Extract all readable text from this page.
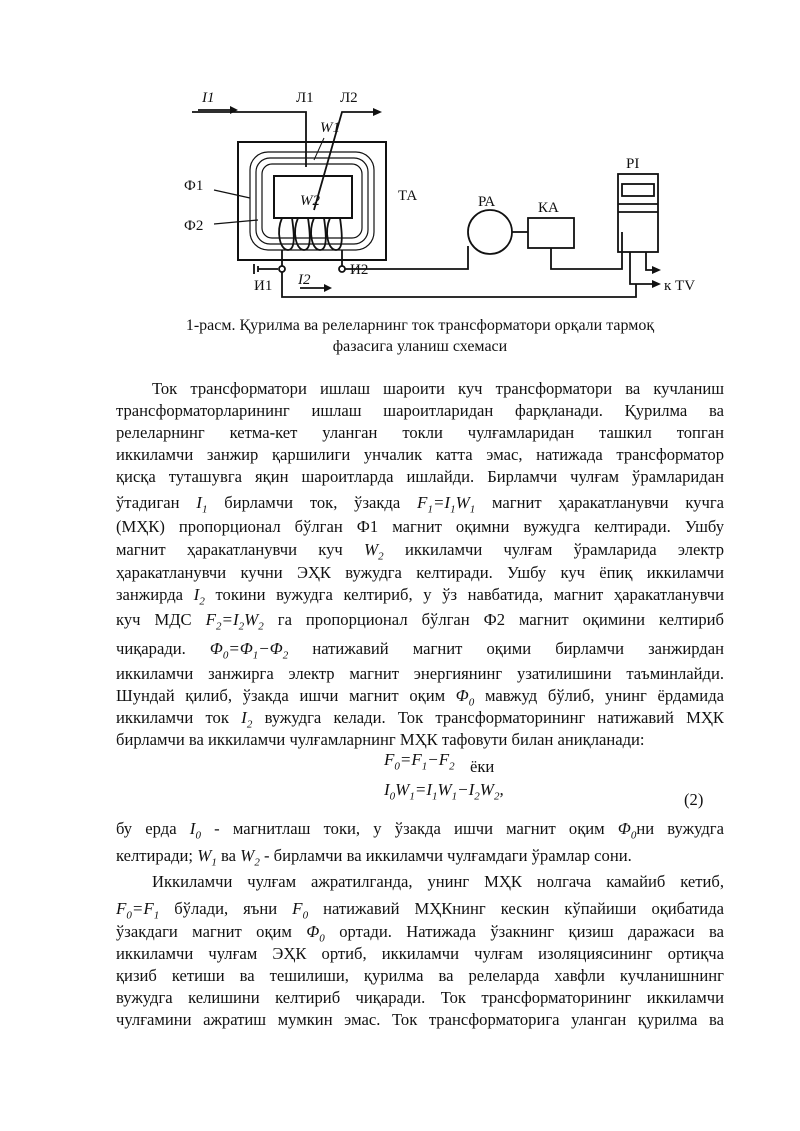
I1	Л1 Л2
W1
Ф1
Ф2
W2	ТА	РА	КА
PI
I2
И1
И2
к TV
1-расм. Қурилма ва релеларнинг ток трансформатори орқали тармоқ
фазасига уланиш схемаси
Ток трансформатори ишлаш шароити куч трансформатори ва кучланиш
трансформаторларининг ишлаш шароитларидан фарқланади. Қурилма ва
релеларнинг кетма-кет уланган токли чулғамларидан ташкил топган
иккиламчи занжир қаршилиги унчалик катта эмас, натижада трансформатор
қисқа туташувга яқин шароитларда ишлайди. Бирламчи чулғам ўрамларидан
ўтадиган $I_1$ бирламчи ток, ўзакда $F_1=I_1W_1$ магнит ҳаракатланувчи кучга
(МҲК) пропорционал бўлган Ф1 магнит оқимни вужудга келтиради. Ушбу
магнит ҳаракатланувчи куч $W_2$ иккиламчи чулғам ўрамларида электр
ҳаракатланувчи кучни ЭҲК вужудга келтиради. Ушбу куч ёпиқ иккиламчи
занжирда $I_2$ токини вужудга келтириб, у ўз навбатида, магнит ҳаракатланувчи
куч МДС $F_2=I_2W_2$ га пропорционал бўлган Ф2 магнит оқимини келтириб
чиқаради. $\Phi_0=\Phi_1-\Phi_2$ натижавий магнит оқими бирламчи занжирдан
иккиламчи занжирга электр магнит энергиянинг узатилишини таъминлайди.
Шундай қилиб, ўзакда ишчи магнит оқим $\Phi_0$ мавжуд бўлиб, унинг ёрдамида
иккиламчи ток $I_2$ вужудга келади. Ток трансформаторининг натижавий МҲК
бирламчи ва иккиламчи чулғамларнинг МҲК тафовути билан аниқланади:
$F_0=F_1-F_2$ ёки
$I_0W_1=I_1W_1-I_2W_2$,
(2)
бу ерда $I_0$ - магнитлаш токи, у ўзакда ишчи магнит оқим $\Phi_0ни$ вужудга
келтиради; $W_1$ ва $W_2$ - бирламчи ва иккиламчи чулғамдаги ўрамлар сони.
Иккиламчи чулғам ажратилганда, унинг МҲК нолгача камайиб кетиб,
$F_0=F_1$ бўлади, яъни $F_0$ натижавий МҲКнинг кескин кўпайиши оқибатида
ўзакдаги магнит оқим $\Phi_0$ ортади. Натижада ўзакнинг қизиш даражаси ва
иккиламчи чулғам ЭҲК ортиб, иккиламчи чулғам изоляциясининг ортиқча
қизиб кетиши ва тешилиши, қурилма ва релеларда хавфли кучланишнинг
вужудга келишини келтириб чиқаради. Ток трансформаторининг иккиламчи
чулғамини ажратиш мумкин эмас. Ток трансформаторига уланган қурилма ва
